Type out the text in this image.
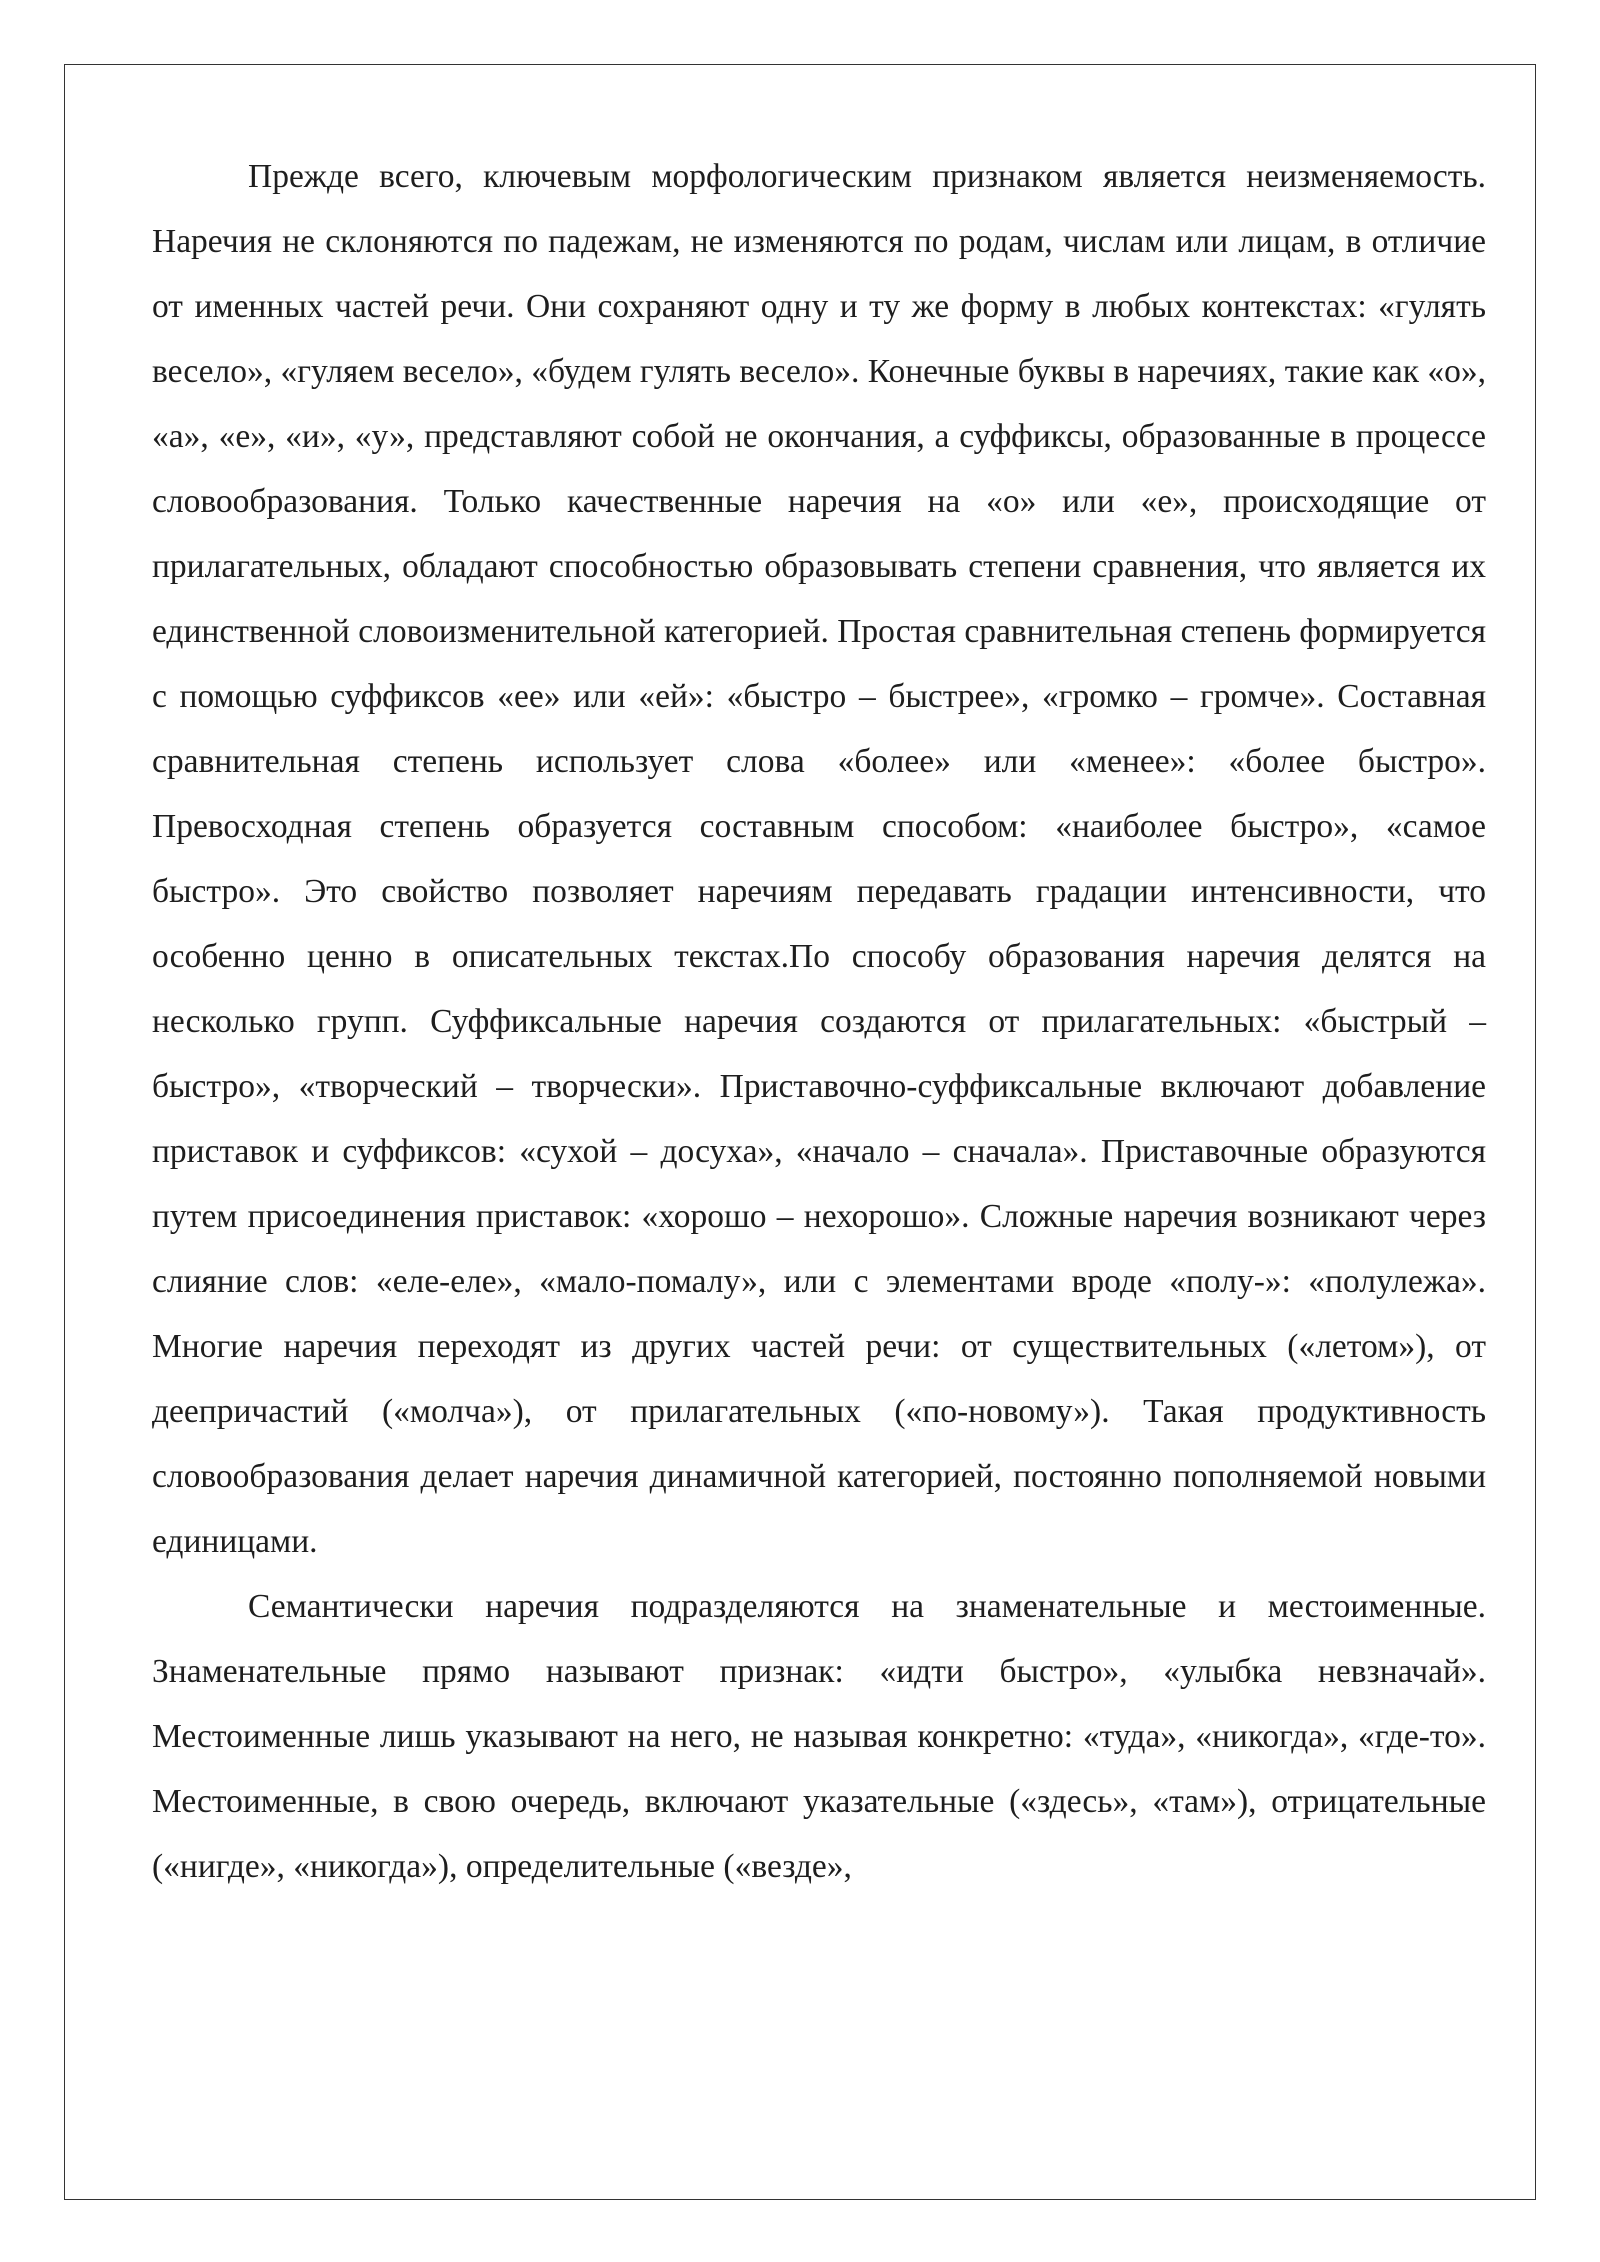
Прежде всего, ключевым морфологическим признаком является неизменяемость. Наречия не склоняются по падежам, не изменяются по родам, числам или лицам, в отличие от именных частей речи. Они сохраняют одну и ту же форму в любых контекстах: «гулять весело», «гуляем весело», «будем гулять весело». Конечные буквы в наречиях, такие как «о», «а», «е», «и», «у», представляют собой не окончания, а суффиксы, образованные в процессе словообразования. Только качественные наречия на «о» или «е», происходящие от прилагательных, обладают способностью образовывать степени сравнения, что является их единственной словоизменительной категорией. Простая сравнительная степень формируется с помощью суффиксов «ее» или «ей»: «быстро – быстрее», «громко – громче». Составная сравнительная степень использует слова «более» или «менее»: «более быстро». Превосходная степень образуется составным способом: «наиболее быстро», «самое быстро». Это свойство позволяет наречиям передавать градации интенсивности, что особенно ценно в описательных текстах.По способу образования наречия делятся на несколько групп. Суффиксальные наречия создаются от прилагательных: «быстрый – быстро», «творческий – творчески». Приставочно-суффиксальные включают добавление приставок и суффиксов: «сухой – досуха», «начало – сначала». Приставочные образуются путем присоединения приставок: «хорошо – нехорошо». Сложные наречия возникают через слияние слов: «еле-еле», «мало-помалу», или с элементами вроде «полу-»: «полулежа». Многие наречия переходят из других частей речи: от существительных («летом»), от деепричастий («молча»), от прилагательных («по-новому»). Такая продуктивность словообразования делает наречия динамичной категорией, постоянно пополняемой новыми единицами.

Семантически наречия подразделяются на знаменательные и местоименные. Знаменательные прямо называют признак: «идти быстро», «улыбка невзначай». Местоименные лишь указывают на него, не называя конкретно: «туда», «никогда», «где-то». Местоименные, в свою очередь, включают указательные («здесь», «там»), отрицательные («нигде», «никогда»), определительные («везде»,
